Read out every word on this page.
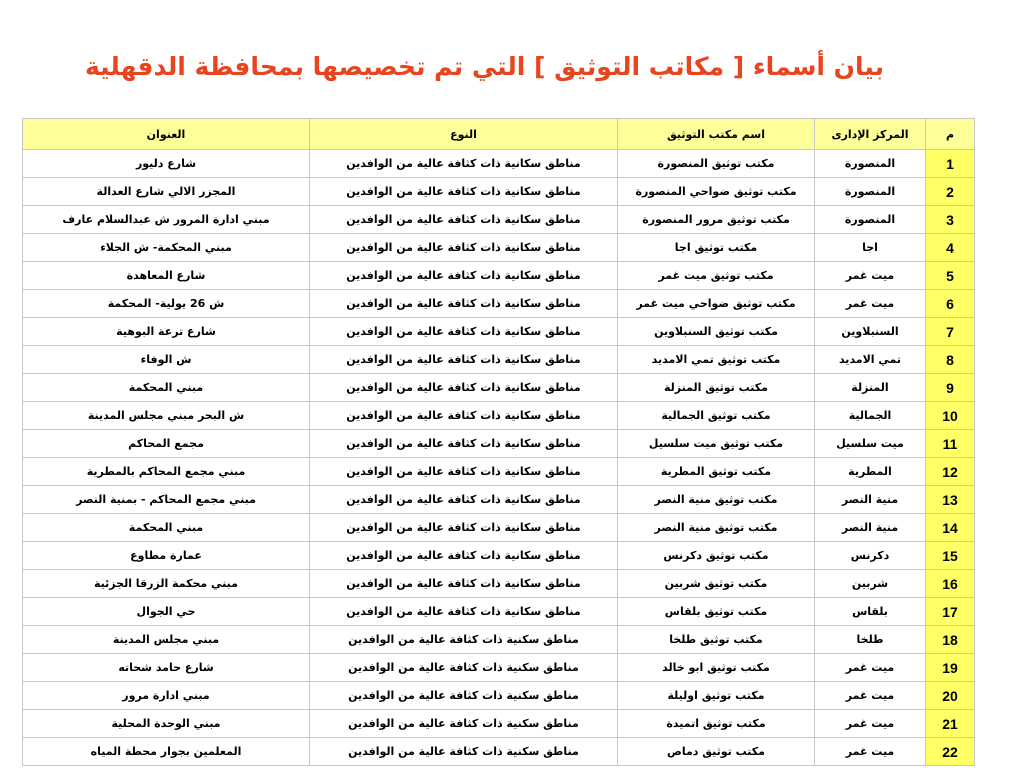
بيان أسماء [ مكاتب التوثيق ] التي تم تخصيصها بمحافظة الدقهلية
م	المركز الإدارى	اسم مكتب التوثيق	النوع	العنوان
1	المنصورة	مكتب توثيق المنصورة	مناطق سكانية ذات كثافة عالية من الوافدين	شارع دليور
2	المنصورة	مكتب توثيق ضواحي المنصورة	مناطق سكانية ذات كثافة عالية من الوافدين	المجزر الالي شارع العدالة
3	المنصورة	مكتب توثيق مرور المنصورة	مناطق سكانية ذات كثافة عالية من الوافدين	مبني ادارة المرور ش عبدالسلام عارف
4	اجا	مكتب توثيق اجا	مناطق سكانية ذات كثافة عالية من الوافدين	مبني المحكمة- ش الجلاء
5	ميت غمر	مكتب توثيق ميت غمر	مناطق سكانية ذات كثافة عالية من الوافدين	شارع المعاهدة
6	ميت غمر	مكتب توثيق ضواحي ميت غمر	مناطق سكانية ذات كثافة عالية من الوافدين	ش 26 يولية- المحكمة
7	السنبلاوين	مكتب توثيق السنبلاوين	مناطق سكانية ذات كثافة عالية من الوافدين	شارع ترعة البوهية
8	تمي الامديد	مكتب توثيق تمي الامديد	مناطق سكانية ذات كثافة عالية من الوافدين	ش الوفاء
9	المنزلة	مكتب توثيق المنزلة	مناطق سكانية ذات كثافة عالية من الوافدين	مبني المحكمة
10	الجمالية	مكتب توثيق الجمالية	مناطق سكانية ذات كثافة عالية من الوافدين	ش البحر مبني مجلس المدينة
11	ميت سلسيل	مكتب توثيق ميت سلسيل	مناطق سكانية ذات كثافة عالية من الوافدين	مجمع المحاكم
12	المطرية	مكتب توثيق المطرية	مناطق سكانية ذات كثافة عالية من الوافدين	مبني مجمع المحاكم بالمطرية
13	منية النصر	مكتب توثيق منية النصر	مناطق سكانية ذات كثافة عالية من الوافدين	مبني مجمع المحاكم - بمنية النصر
14	منية النصر	مكتب توثيق منية النصر	مناطق سكانية ذات كثافة عالية من الوافدين	مبني المحكمة
15	دكرنس	مكتب توثيق دكرنس	مناطق سكانية ذات كثافة عالية من الوافدين	عمارة مطاوع
16	شربين	مكتب توثيق شربين	مناطق سكانية ذات كثافة عالية من الوافدين	مبني محكمة الزرقا الجزئية
17	بلقاس	مكتب توثيق بلقاس	مناطق سكانية ذات كثافة عالية من الوافدين	حي الجوال
18	طلخا	مكتب توثيق طلخا	مناطق سكنية ذات كثافة عالية من الوافدين	مبني مجلس المدينة
19	ميت غمر	مكتب توثيق ابو خالد	مناطق سكنية ذات كثافة عالية من الوافدين	شارع حامد شحاته
20	ميت غمر	مكتب توثيق اوليلة	مناطق سكنية ذات كثافة عالية من الوافدين	مبني ادارة مرور
21	ميت غمر	مكتب توثيق اتميدة	مناطق سكنية ذات كثافة عالية من الوافدين	مبني الوحدة المحلية
22	ميت غمر	مكتب توثيق دماص	مناطق سكنية ذات كثافة عالية من الوافدين	المعلمين بجوار محطة المياه
